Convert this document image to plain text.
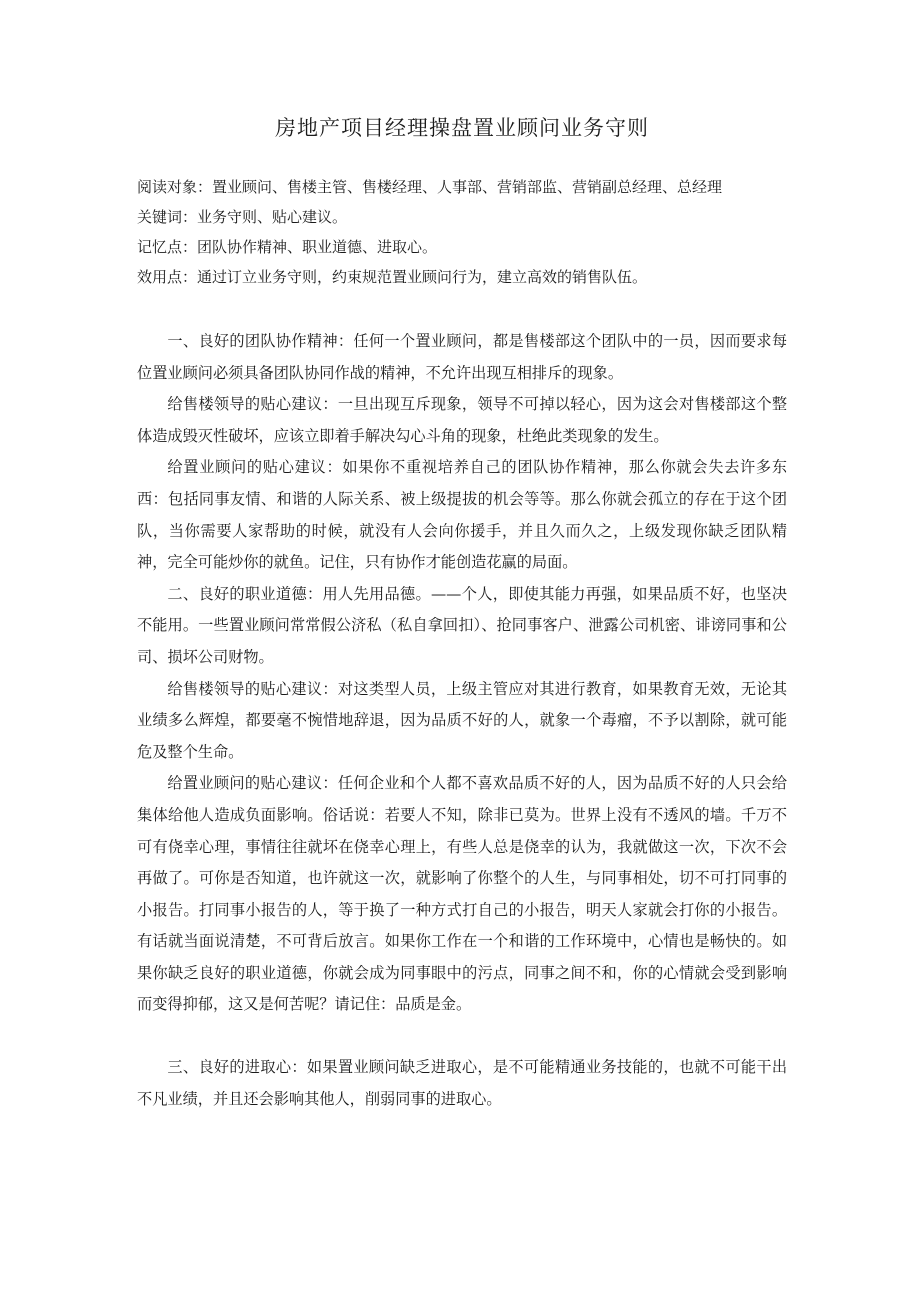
房地产项目经理操盘置业顾问业务守则

阅读对象：置业顾问、售楼主管、售楼经理、人事部、营销部监、营销副总经理、总经理

关键词：业务守则、贴心建议。

记忆点：团队协作精神、职业道德、进取心。

效用点：通过订立业务守则，约束规范置业顾问行为，建立高效的销售队伍。

一、良好的团队协作精神：任何一个置业顾问，都是售楼部这个团队中的一员，因而要求每位置业顾问必须具备团队协同作战的精神，不允许出现互相排斥的现象。

给售楼领导的贴心建议：一旦出现互斥现象，领导不可掉以轻心，因为这会对售楼部这个整体造成毁灭性破坏，应该立即着手解决勾心斗角的现象，杜绝此类现象的发生。

给置业顾问的贴心建议：如果你不重视培养自己的团队协作精神，那么你就会失去许多东西：包括同事友情、和谐的人际关系、被上级提拔的机会等等。那么你就会孤立的存在于这个团队，当你需要人家帮助的时候，就没有人会向你援手，并且久而久之，上级发现你缺乏团队精神，完全可能炒你的就鱼。记住，只有协作才能创造花赢的局面。

二、良好的职业道德：用人先用品德。——个人，即使其能力再强，如果品质不好，也坚决不能用。一些置业顾问常常假公济私（私自拿回扣）、抢同事客户、泄露公司机密、诽谤同事和公司、损坏公司财物。

给售楼领导的贴心建议：对这类型人员，上级主管应对其进行教育，如果教育无效，无论其业绩多么辉煌，都要毫不惋惜地辞退，因为品质不好的人，就象一个毒瘤，不予以割除，就可能危及整个生命。

给置业顾问的贴心建议：任何企业和个人都不喜欢品质不好的人，因为品质不好的人只会给集体给他人造成负面影响。俗话说：若要人不知，除非已莫为。世界上没有不透风的墙。千万不可有侥幸心理，事情往往就坏在侥幸心理上，有些人总是侥幸的认为，我就做这一次，下次不会再做了。可你是否知道，也许就这一次，就影响了你整个的人生，与同事相处，切不可打同事的小报告。打同事小报告的人，等于换了一种方式打自己的小报告，明天人家就会打你的小报告。有话就当面说清楚，不可背后放言。如果你工作在一个和谐的工作环境中，心情也是畅快的。如果你缺乏良好的职业道德，你就会成为同事眼中的污点，同事之间不和，你的心情就会受到影响而变得抑郁，这又是何苦呢？请记住：品质是金。

三、良好的进取心：如果置业顾问缺乏进取心，是不可能精通业务技能的，也就不可能干出不凡业绩，并且还会影响其他人，削弱同事的进取心。
